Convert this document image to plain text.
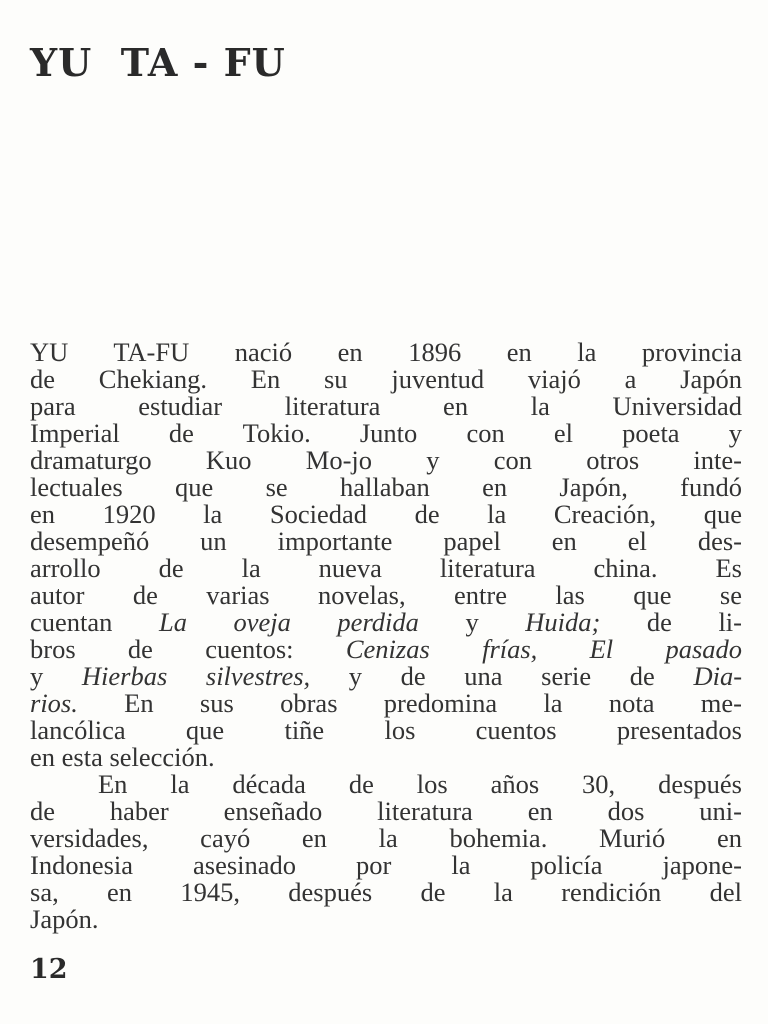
YU  TA - FU
YU TA-FU nació en 1896 en la provincia
de Chekiang. En su juventud viajó a Japón
para estudiar literatura en la Universidad
Imperial de Tokio. Junto con el poeta y
dramaturgo Kuo Mo-jo y con otros inte-
lectuales que se hallaban en Japón, fundó
en 1920 la Sociedad de la Creación, que
desempeñó un importante papel en el des-
arrollo de la nueva literatura china. Es
autor de varias novelas, entre las que se
cuentan La oveja perdida y Huida; de li-
bros de cuentos: Cenizas frías, El pasado
y Hierbas silvestres, y de una serie de Dia-
rios. En sus obras predomina la nota me-
lancólica que tiñe los cuentos presentados
en esta selección.
En la década de los años 30, después
de haber enseñado literatura en dos uni-
versidades, cayó en la bohemia. Murió en
Indonesia asesinado por la policía japone-
sa, en 1945, después de la rendición del
Japón.
12
